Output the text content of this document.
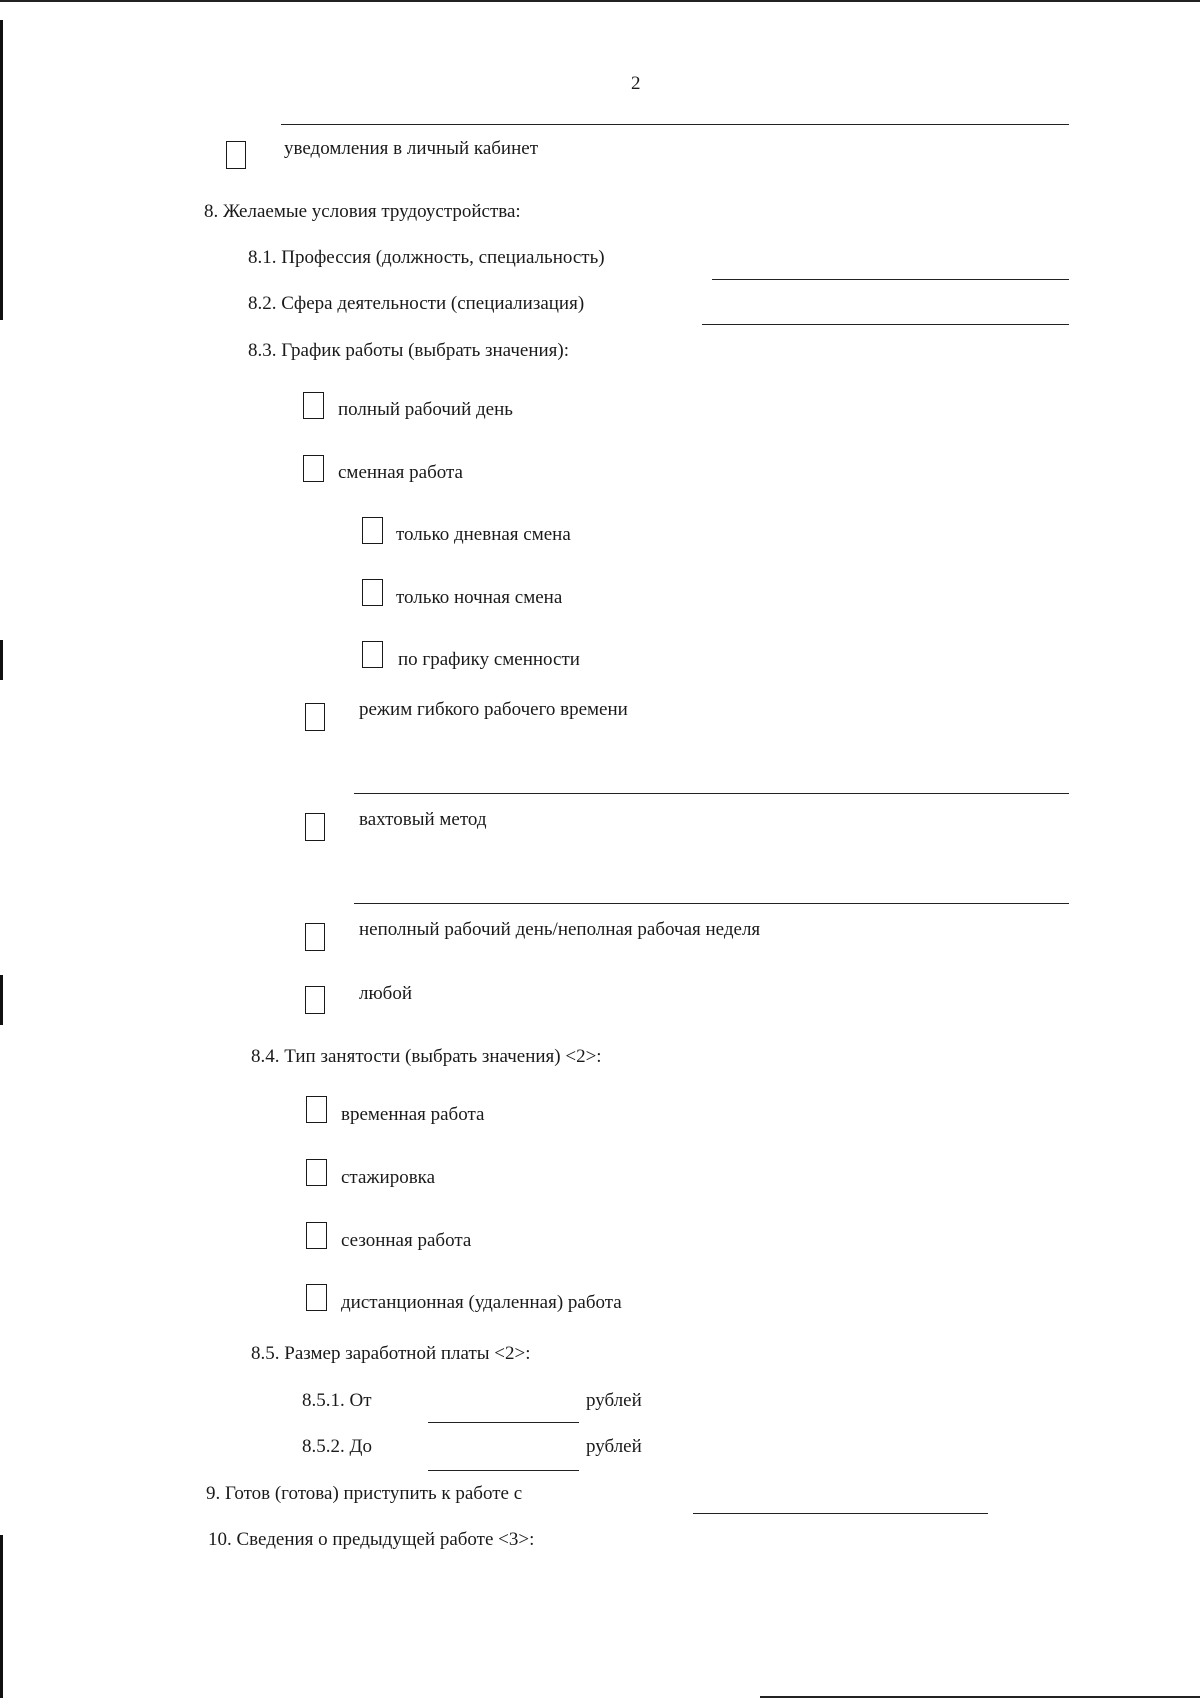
2
уведомления в личный кабинет
8. Желаемые условия трудоустройства:
8.1. Профессия (должность, специальность)
8.2. Сфера деятельности (специализация)
8.3. График работы (выбрать значения):
полный рабочий день
сменная работа
только дневная смена
только ночная смена
по графику сменности
режим гибкого рабочего времени
вахтовый метод
неполный рабочий день/неполная рабочая неделя
любой
8.4. Тип занятости (выбрать значения) <2>:
временная работа
стажировка
сезонная работа
дистанционная (удаленная) работа
8.5. Размер заработной платы <2>:
8.5.1. От	рублей
8.5.2. До	рублей
9. Готов (готова) приступить к работе с
10. Сведения о предыдущей работе <3>:
